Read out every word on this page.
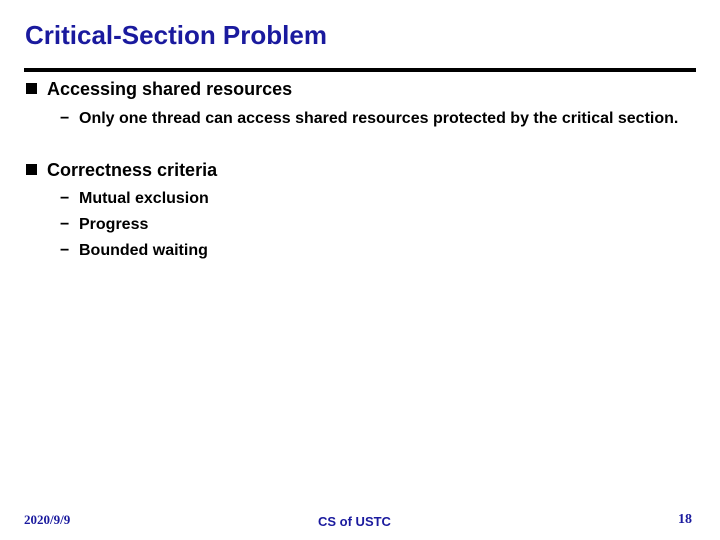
Critical-Section Problem
Accessing shared resources
− Only one thread can access shared resources protected by the critical section.
Correctness criteria
− Mutual exclusion
− Progress
− Bounded waiting
2020/9/9	CS of USTC	18
